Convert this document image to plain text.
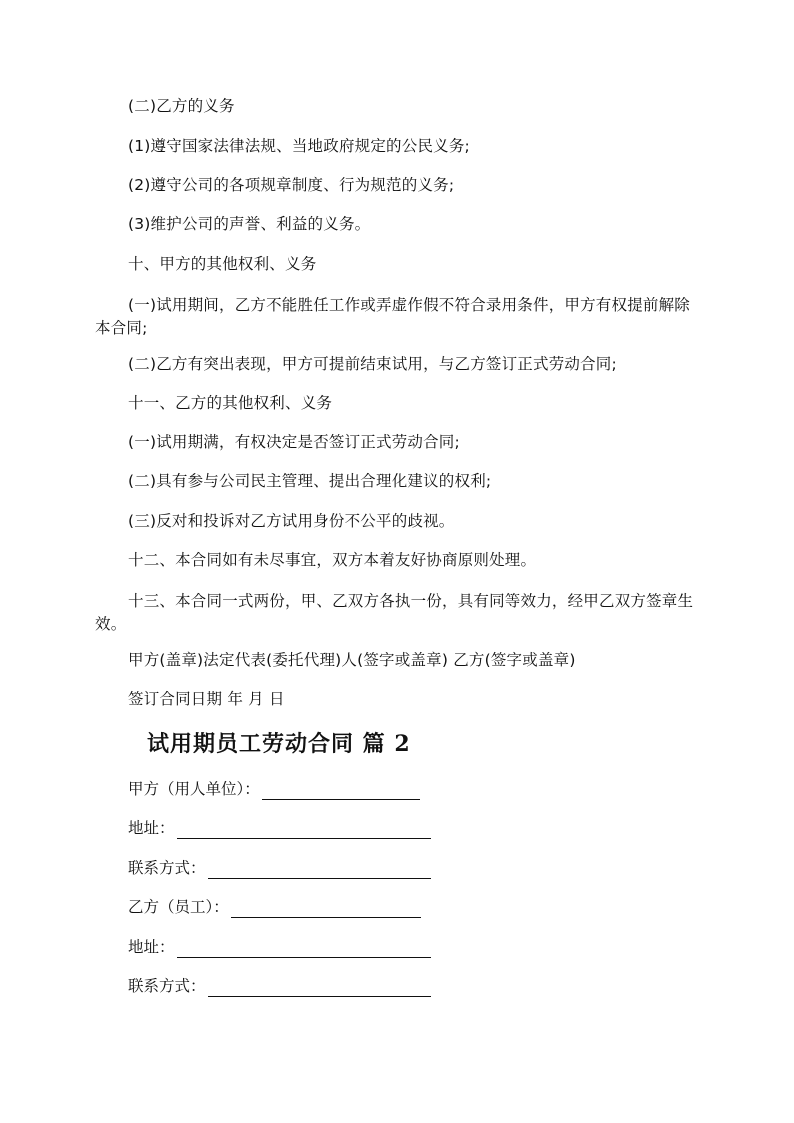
(二)乙方的义务
(1)遵守国家法律法规、当地政府规定的公民义务;
(2)遵守公司的各项规章制度、行为规范的义务;
(3)维护公司的声誉、利益的义务。
十、甲方的其他权利、义务
(一)试用期间，乙方不能胜任工作或弄虚作假不符合录用条件，甲方有权提前解除本合同;
(二)乙方有突出表现，甲方可提前结束试用，与乙方签订正式劳动合同;
十一、乙方的其他权利、义务
(一)试用期满，有权决定是否签订正式劳动合同;
(二)具有参与公司民主管理、提出合理化建议的权利;
(三)反对和投诉对乙方试用身份不公平的歧视。
十二、本合同如有未尽事宜，双方本着友好协商原则处理。
十三、本合同一式两份，甲、乙双方各执一份，具有同等效力，经甲乙双方签章生效。
甲方(盖章)法定代表(委托代理)人(签字或盖章) 乙方(签字或盖章)
签订合同日期 年 月 日
试用期员工劳动合同 篇 2
甲方（用人单位）：
地址：
联系方式：
乙方（员工）：
地址：
联系方式：
